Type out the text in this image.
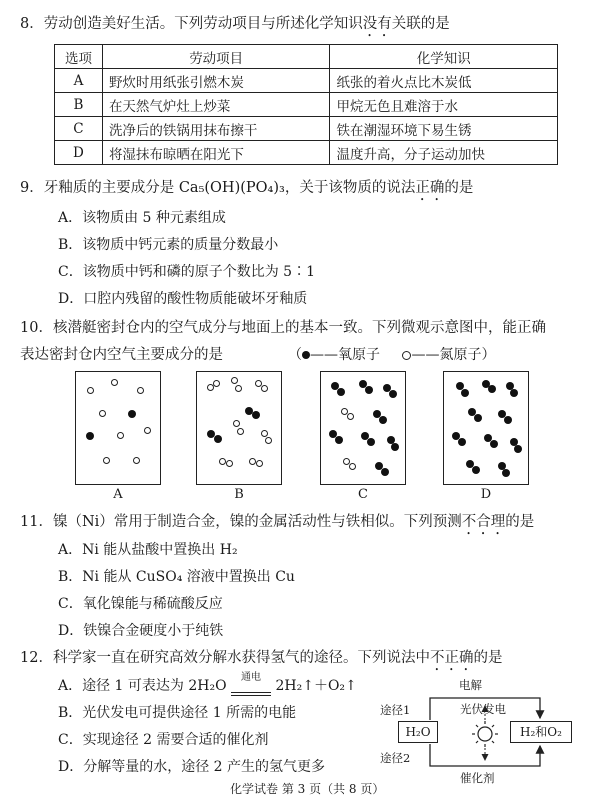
8．劳动创造美好生活。下列劳动项目与所述化学知识没有关联的是
选项	劳动项目	化学知识
A	野炊时用纸张引燃木炭	纸张的着火点比木炭低
B	在天然气炉灶上炒菜	甲烷无色且难溶于水
C	洗净后的铁锅用抹布擦干	铁在潮湿环境下易生锈
D	将湿抹布晾晒在阳光下	温度升高，分子运动加快
9．牙釉质的主要成分是 Ca₅(OH)(PO₄)₃，关于该物质的说法正确的是
A．该物质由 5 种元素组成
B．该物质中钙元素的质量分数最小
C．该物质中钙和磷的原子个数比为 5∶1
D．口腔内残留的酸性物质能破坏牙釉质
10．核潜艇密封仓内的空气成分与地面上的基本一致。下列微观示意图中，能正确
表达密封仓内空气主要成分的是	（ ——氧原子 ——氮原子）
A	B	C	D
11．镍（Ni）常用于制造合金，镍的金属活动性与铁相似。下列预测不合理的是
A．Ni 能从盐酸中置换出 H₂
B．Ni 能从 CuSO₄ 溶液中置换出 Cu
C．氧化镍能与稀硫酸反应
D．铁镍合金硬度小于纯铁
12．科学家一直在研究高效分解水获得氢气的途径。下列说法中不正确的是
A．途径 1 可表达为 2H₂O
通电
2H₂↑＋O₂↑
B．光伏发电可提供途径 1 所需的电能
C．实现途径 2 需要合适的催化剂
D．分解等量的水，途径 2 产生的氢气更多
电解
途径1	光伏发电
H₂O	H₂和O₂
途径2
催化剂
化学试卷 第 3 页（共 8 页）
